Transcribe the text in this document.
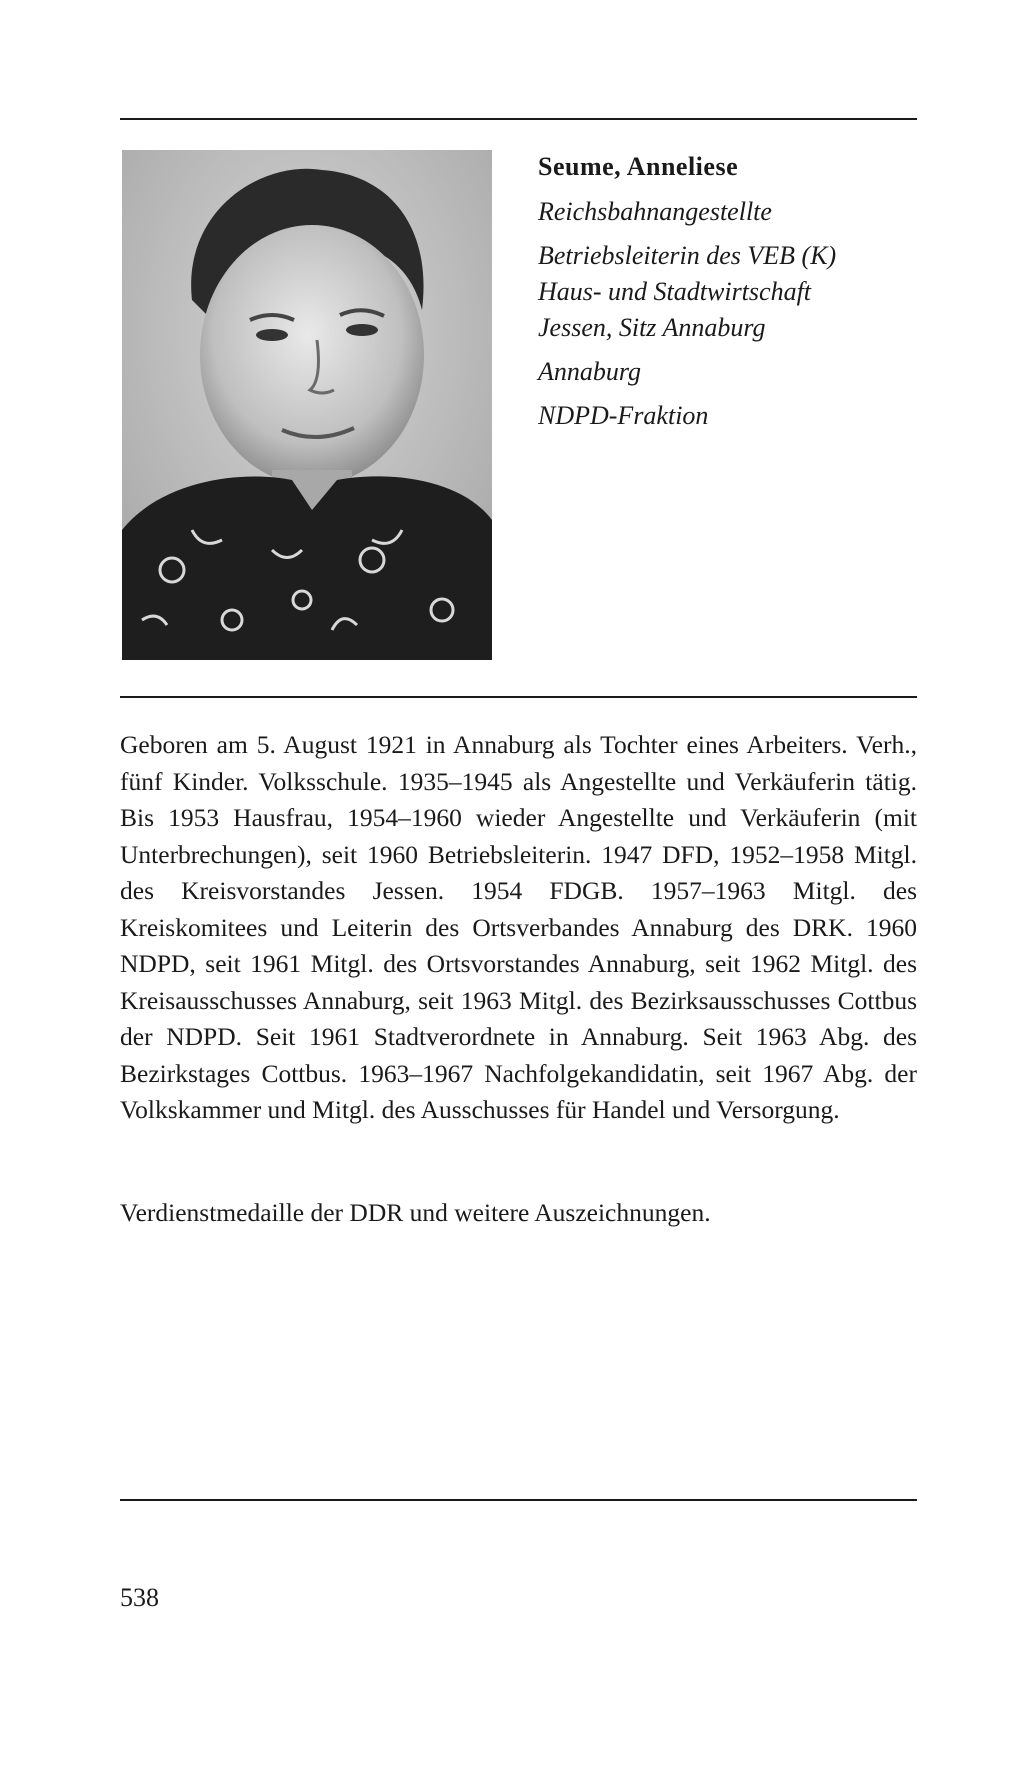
Seume, Anneliese

Reichsbahnangestellte

Betriebsleiterin des VEB (K)

Haus- und Stadtwirtschaft

Jessen, Sitz Annaburg

Annaburg

NDPD-Fraktion

Geboren am 5. August 1921 in Annaburg als Tochter eines Arbeiters. Verh., fünf Kinder. Volksschule. 1935–1945 als Angestellte und Verkäuferin tätig. Bis 1953 Hausfrau, 1954–1960 wieder Angestellte und Verkäuferin (mit Unterbrechungen), seit 1960 Betriebsleiterin. 1947 DFD, 1952–1958 Mitgl. des Kreisvorstandes Jessen. 1954 FDGB. 1957–1963 Mitgl. des Kreiskomitees und Leiterin des Ortsverbandes Annaburg des DRK. 1960 NDPD, seit 1961 Mitgl. des Ortsvorstandes Annaburg, seit 1962 Mitgl. des Kreisausschusses Annaburg, seit 1963 Mitgl. des Bezirksausschusses Cottbus der NDPD. Seit 1961 Stadtverordnete in Annaburg. Seit 1963 Abg. des Bezirkstages Cottbus. 1963–1967 Nachfolgekandidatin, seit 1967 Abg. der Volkskammer und Mitgl. des Ausschusses für Handel und Versorgung.

Verdienstmedaille der DDR und weitere Auszeichnungen.

538
